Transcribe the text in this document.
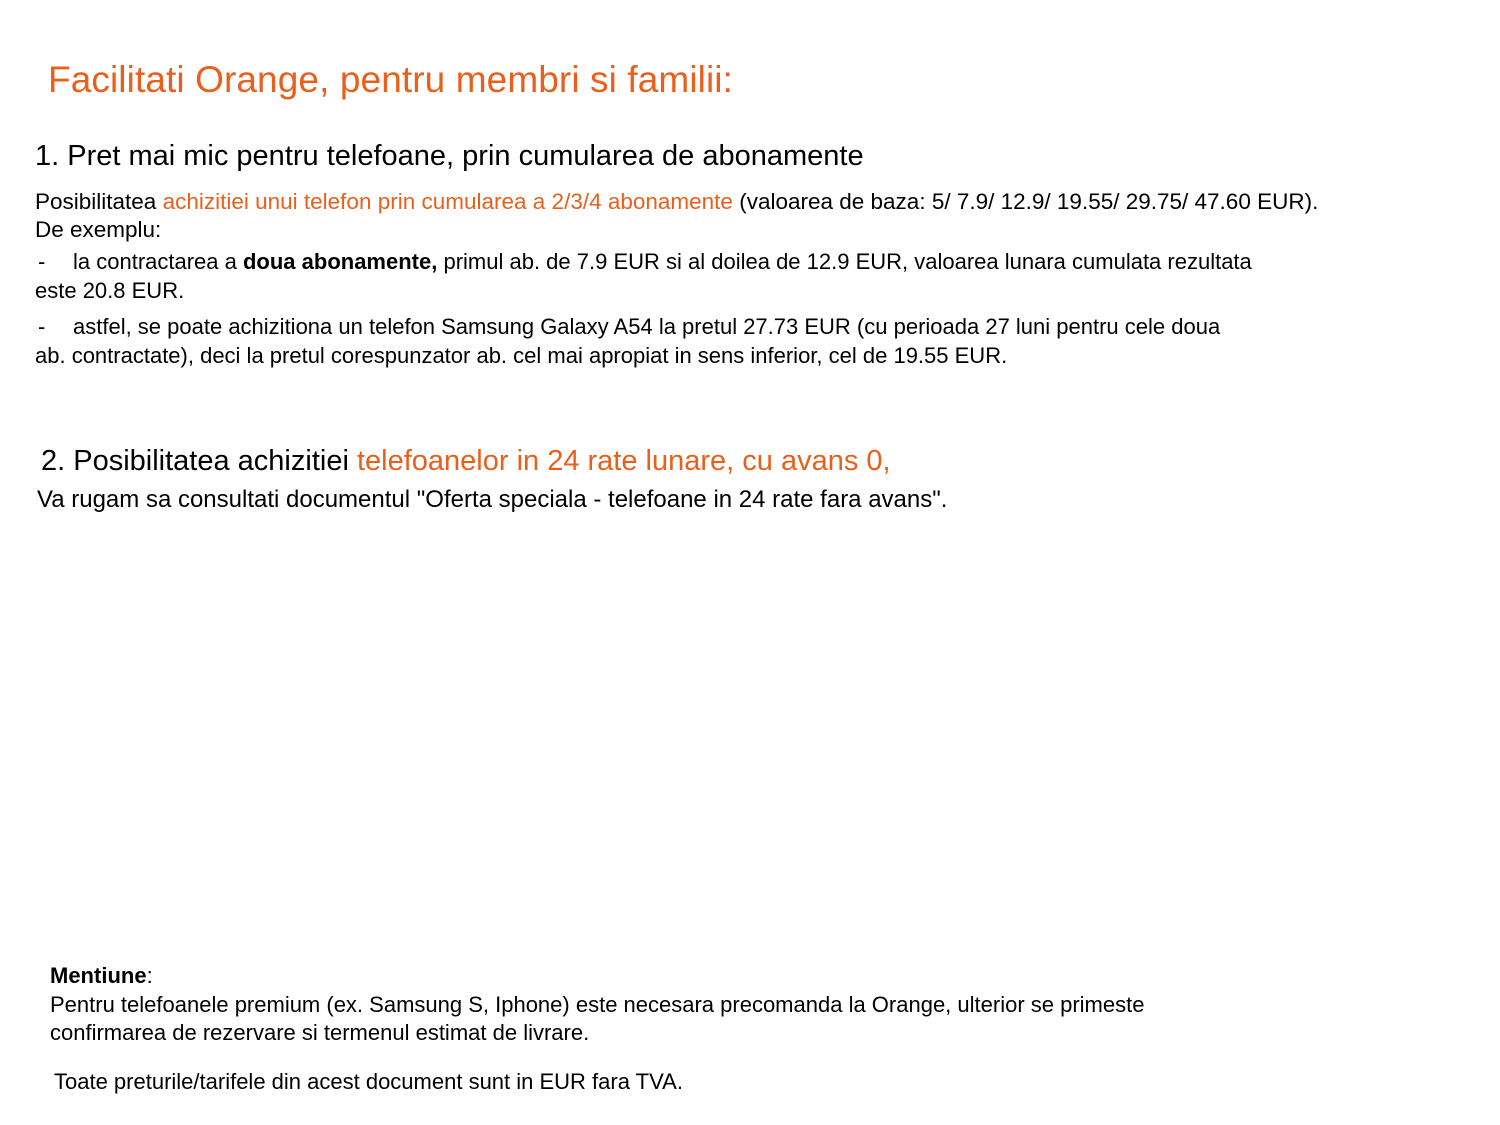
Facilitati Orange, pentru membri si familii:
1. Pret mai mic pentru telefoane, prin cumularea de abonamente
Posibilitatea achizitiei unui telefon prin cumularea a 2/3/4 abonamente (valoarea de baza: 5/ 7.9/ 12.9/ 19.55/ 29.75/ 47.60 EUR).
De exemplu:
-	la contractarea a doua abonamente, primul ab. de 7.9 EUR si al doilea de 12.9 EUR, valoarea lunara cumulata rezultata
este 20.8 EUR.
-	astfel, se poate achizitiona un telefon Samsung Galaxy A54 la pretul 27.73 EUR (cu perioada 27 luni pentru cele doua
ab. contractate), deci la pretul corespunzator ab. cel mai apropiat in sens inferior, cel de 19.55 EUR.
2. Posibilitatea achizitiei telefoanelor in 24 rate lunare, cu avans 0,
Va rugam sa consultati documentul "Oferta speciala - telefoane in 24 rate fara avans".
Mentiune:
Pentru telefoanele premium (ex. Samsung S, Iphone) este necesara precomanda la Orange, ulterior se primeste
confirmarea de rezervare si termenul estimat de livrare.
Toate preturile/tarifele din acest document sunt in EUR fara TVA.
